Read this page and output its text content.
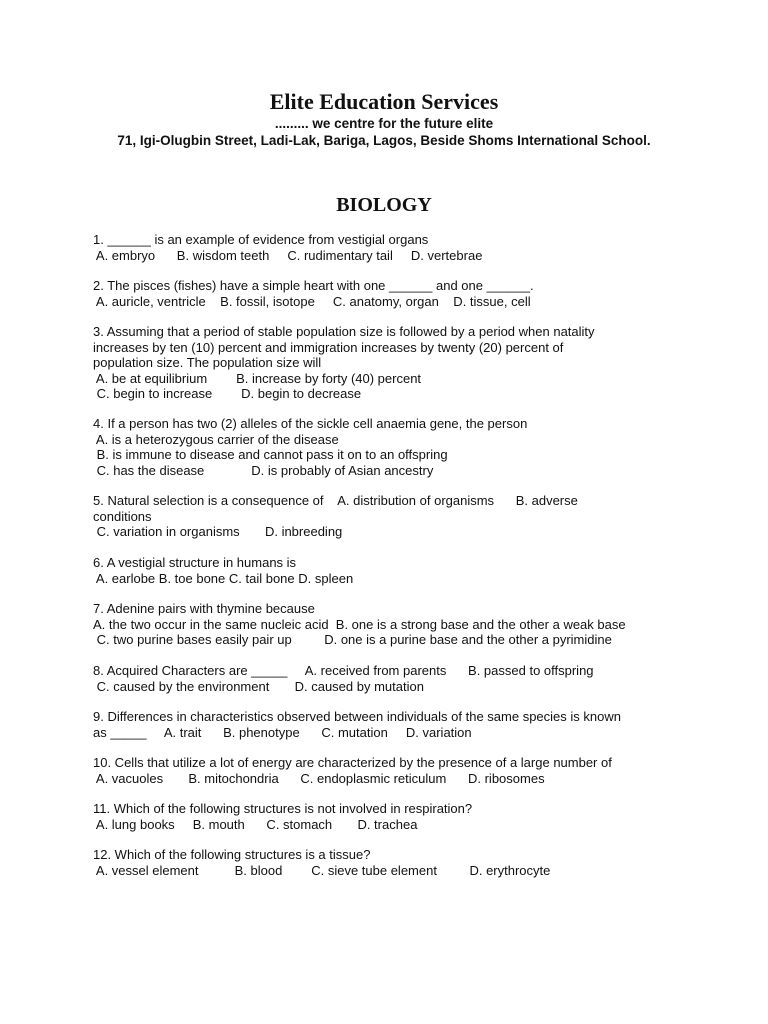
Elite Education Services
......... we centre for the future elite
71, Igi-Olugbin Street, Ladi-Lak, Bariga, Lagos, Beside Shoms International School.
BIOLOGY
1. ______ is an example of evidence from vestigial organs
A. embryo      B. wisdom teeth     C. rudimentary tail     D. vertebrae
2. The pisces (fishes) have a simple heart with one ______ and one ______.
A. auricle, ventricle    B. fossil, isotope     C. anatomy, organ    D. tissue, cell
3. Assuming that a period of stable population size is followed by a period when natality
increases by ten (10) percent and immigration increases by twenty (20) percent of
population size. The population size will
A. be at equilibrium        B. increase by forty (40) percent
C. begin to increase        D. begin to decrease
4. If a person has two (2) alleles of the sickle cell anaemia gene, the person
A. is a heterozygous carrier of the disease
B. is immune to disease and cannot pass it on to an offspring
C. has the disease             D. is probably of Asian ancestry
5. Natural selection is a consequence of    A. distribution of organisms      B. adverse
conditions
C. variation in organisms       D. inbreeding
6. A vestigial structure in humans is
A. earlobe B. toe bone C. tail bone D. spleen
7. Adenine pairs with thymine because
A. the two occur in the same nucleic acid  B. one is a strong base and the other a weak base
C. two purine bases easily pair up         D. one is a purine base and the other a pyrimidine
8. Acquired Characters are _____     A. received from parents      B. passed to offspring
C. caused by the environment       D. caused by mutation
9. Differences in characteristics observed between individuals of the same species is known
as _____     A. trait      B. phenotype      C. mutation     D. variation
10. Cells that utilize a lot of energy are characterized by the presence of a large number of
A. vacuoles       B. mitochondria      C. endoplasmic reticulum      D. ribosomes
11. Which of the following structures is not involved in respiration?
A. lung books     B. mouth      C. stomach       D. trachea
12. Which of the following structures is a tissue?
A. vessel element          B. blood        C. sieve tube element         D. erythrocyte
